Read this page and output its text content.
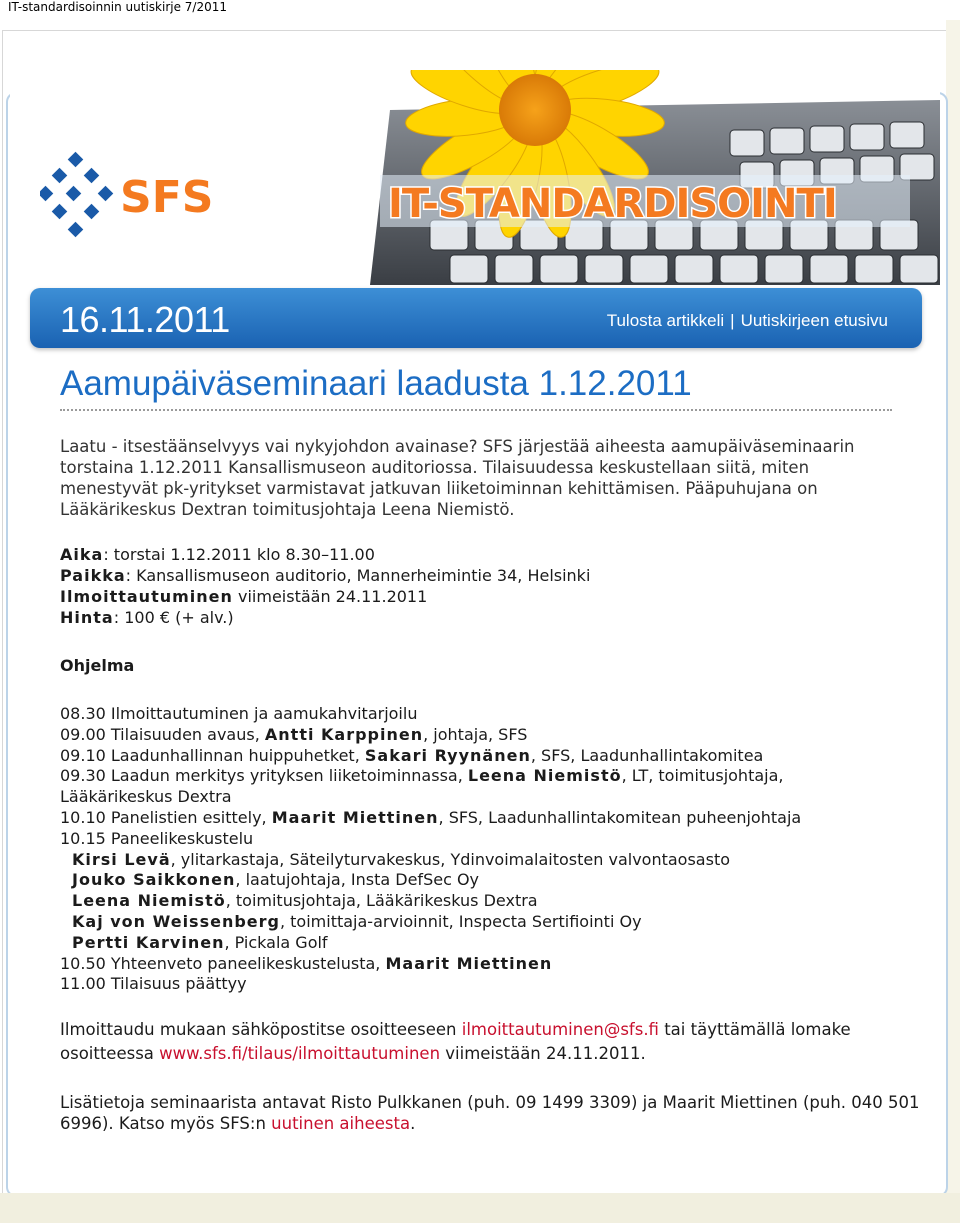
IT-standardisoinnin uutiskirje 7/2011
IT-STANDARDISOINTI
SFS
16.11.2011	Tulosta artikkeli | Uutiskirjeen etusivu
Aamupäiväseminaari laadusta 1.12.2011
Laatu - itsestäänselvyys vai nykyjohdon avainase? SFS järjestää aiheesta aamupäiväseminaarin torstaina 1.12.2011 Kansallismuseon auditoriossa. Tilaisuudessa keskustellaan siitä, miten menestyvät pk-yritykset varmistavat jatkuvan liiketoiminnan kehittämisen. Pääpuhujana on Lääkärikeskus Dextran toimitusjohtaja Leena Niemistö.
Aika: torstai 1.12.2011 klo 8.30–11.00
Paikka: Kansallismuseon auditorio, Mannerheimintie 34, Helsinki
Ilmoittautuminen viimeistään 24.11.2011
Hinta: 100 € (+ alv.)
Ohjelma
08.30 Ilmoittautuminen ja aamukahvitarjoilu
09.00 Tilaisuuden avaus, Antti Karppinen, johtaja, SFS
09.10 Laadunhallinnan huippuhetket, Sakari Ryynänen, SFS, Laadunhallintakomitea
09.30 Laadun merkitys yrityksen liiketoiminnassa, Leena Niemistö, LT, toimitusjohtaja,
Lääkärikeskus Dextra
10.10 Panelistien esittely, Maarit Miettinen, SFS, Laadunhallintakomitean puheenjohtaja
10.15 Paneelikeskustelu
Kirsi Levä, ylitarkastaja, Säteilyturvakeskus, Ydinvoimalaitosten valvontaosasto
Jouko Saikkonen, laatujohtaja, Insta DefSec Oy
Leena Niemistö, toimitusjohtaja, Lääkärikeskus Dextra
Kaj von Weissenberg, toimittaja-arvioinnit, Inspecta Sertifiointi Oy
Pertti Karvinen, Pickala Golf
10.50 Yhteenveto paneelikeskustelusta, Maarit Miettinen
11.00 Tilaisuus päättyy
Ilmoittaudu mukaan sähköpostitse osoitteeseen ilmoittautuminen@sfs.fi tai täyttämällä lomake osoitteessa www.sfs.fi/tilaus/ilmoittautuminen viimeistään 24.11.2011.
Lisätietoja seminaarista antavat Risto Pulkkanen (puh. 09 1499 3309) ja Maarit Miettinen (puh. 040 501 6996). Katso myös SFS:n uutinen aiheesta.
